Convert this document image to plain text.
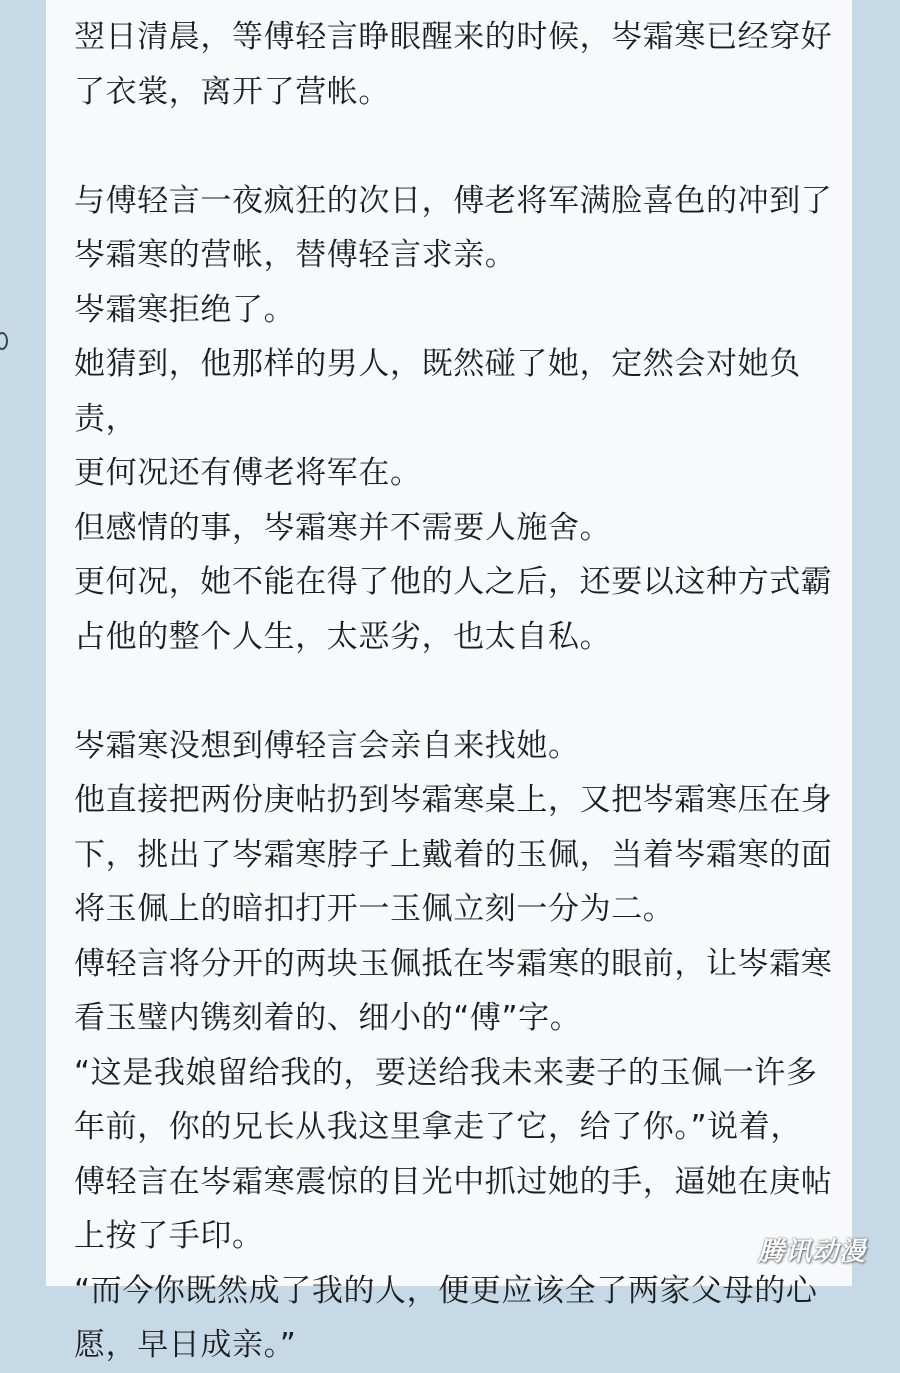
翌日清晨，等傅轻言睁眼醒来的时候，岑霜寒已经穿好
了衣裳，离开了营帐。

与傅轻言一夜疯狂的次日，傅老将军满脸喜色的冲到了
岑霜寒的营帐，替傅轻言求亲。

岑霜寒拒绝了。

她猜到，他那样的男人，既然碰了她，定然会对她负责，
更何况还有傅老将军在。

但感情的事，岑霜寒并不需要人施舍。

更何况，她不能在得了他的人之后，还要以这种方式霸
占他的整个人生，太恶劣，也太自私。

岑霜寒没想到傅轻言会亲自来找她。

他直接把两份庚帖扔到岑霜寒桌上，又把岑霜寒压在身
下，挑出了岑霜寒脖子上戴着的玉佩，当着岑霜寒的面
将玉佩上的暗扣打开一玉佩立刻一分为二。

傅轻言将分开的两块玉佩抵在岑霜寒的眼前，让岑霜寒
看玉璧内镌刻着的、细小的“傅”字。

“这是我娘留给我的，要送给我未来妻子的玉佩一许多
年前，你的兄长从我这里拿走了它，给了你。”说着，
傅轻言在岑霜寒震惊的目光中抓过她的手，逼她在庚帖
上按了手印。

“而今你既然成了我的人，便更应该全了两家父母的心
愿，早日成亲。”

腾讯动漫
